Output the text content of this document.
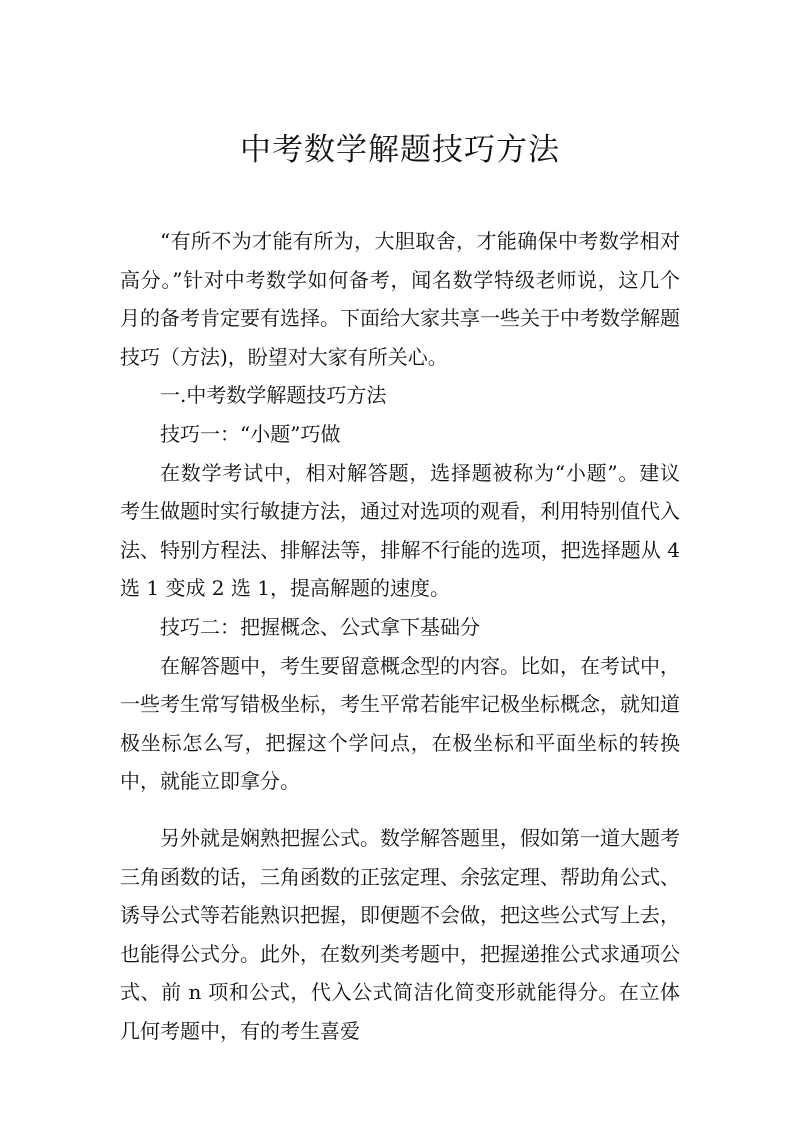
中考数学解题技巧方法

“有所不为才能有所为，大胆取舍，才能确保中考数学相对高分。”针对中考数学如何备考，闻名数学特级老师说，这几个月的备考肯定要有选择。下面给大家共享一些关于中考数学解题技巧（方法)，盼望对大家有所关心。

一.中考数学解题技巧方法

技巧一：“小题”巧做

在数学考试中，相对解答题，选择题被称为“小题”。建议考生做题时实行敏捷方法，通过对选项的观看，利用特别值代入法、特别方程法、排解法等，排解不行能的选项，把选择题从 4 选 1 变成 2 选 1，提高解题的速度。

技巧二：把握概念、公式拿下基础分

在解答题中，考生要留意概念型的内容。比如，在考试中，一些考生常写错极坐标，考生平常若能牢记极坐标概念，就知道极坐标怎么写，把握这个学问点，在极坐标和平面坐标的转换中，就能立即拿分。

另外就是娴熟把握公式。数学解答题里，假如第一道大题考三角函数的话，三角函数的正弦定理、余弦定理、帮助角公式、诱导公式等若能熟识把握，即便题不会做，把这些公式写上去，也能得公式分。此外，在数列类考题中，把握递推公式求通项公式、前 n 项和公式，代入公式简洁化简变形就能得分。在立体几何考题中，有的考生喜爱
